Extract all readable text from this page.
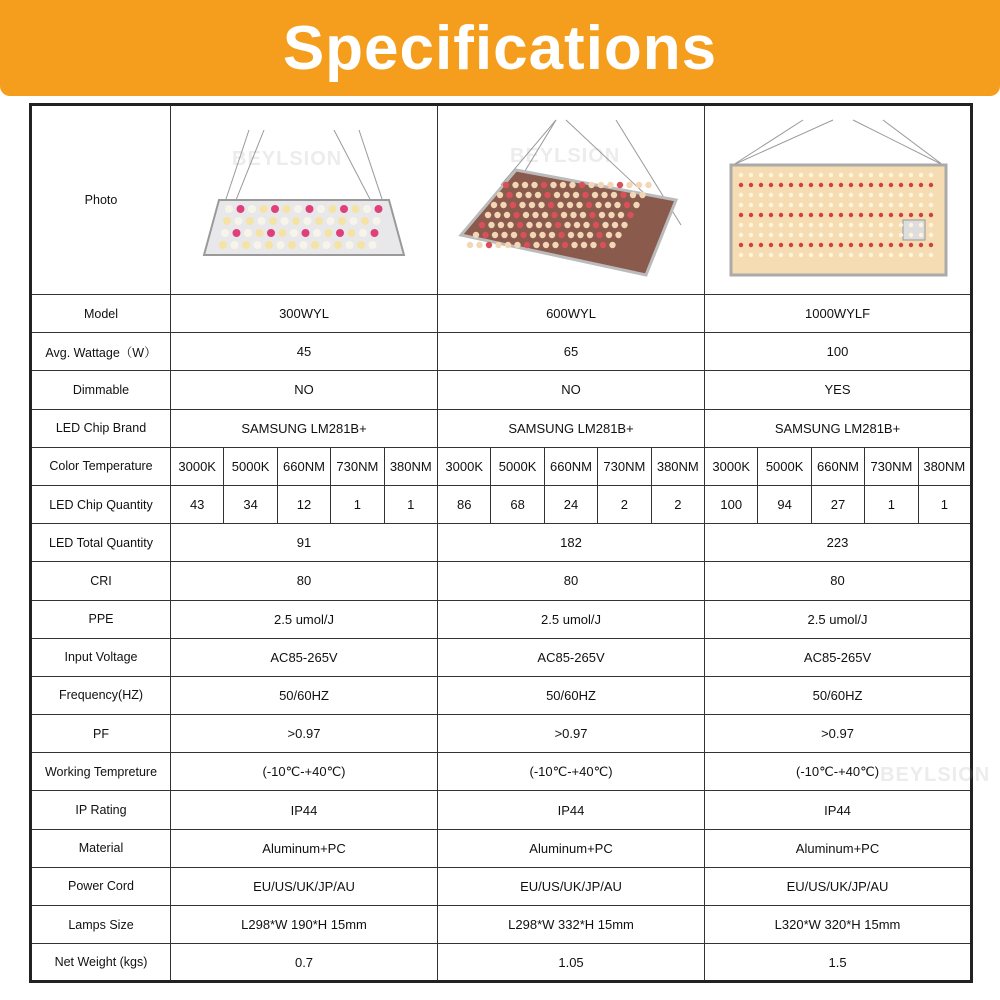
Specifications
Photo	

Model	300WYL					600WYL					1000WYLF				
Avg. Wattage（W）	45					65					100				
Dimmable	NO					NO					YES				
LED Chip Brand	SAMSUNG LM281B+					SAMSUNG LM281B+					SAMSUNG LM281B+				
Color Temperature	3000K	5000K	660NM	730NM	380NM	3000K	5000K	660NM	730NM	380NM	3000K	5000K	660NM	730NM	380NM
LED Chip Quantity	43	34	12	1	1	86	68	24	2	2	100	94	27	1	1
LED Total Quantity	91					182					223				
CRI	80					80					80				
PPE	2.5 umol/J					2.5 umol/J					2.5 umol/J				
Input Voltage	AC85-265V					AC85-265V					AC85-265V				
Frequency(HZ)	50/60HZ					50/60HZ					50/60HZ				
PF	>0.97					>0.97					>0.97				
Working Tempreture	(-10℃-+40℃)					(-10℃-+40℃)					(-10℃-+40℃)				
IP Rating	IP44					IP44					IP44				
Material	Aluminum+PC					Aluminum+PC					Aluminum+PC				
Power Cord	EU/US/UK/JP/AU					EU/US/UK/JP/AU					EU/US/UK/JP/AU				
Lamps Size	L298*W 190*H 15mm					L298*W 332*H 15mm					L320*W 320*H 15mm				
Net Weight (kgs)	0.7					1.05					1.5				
BEYLSION	BEYLSION
BEYLSION
